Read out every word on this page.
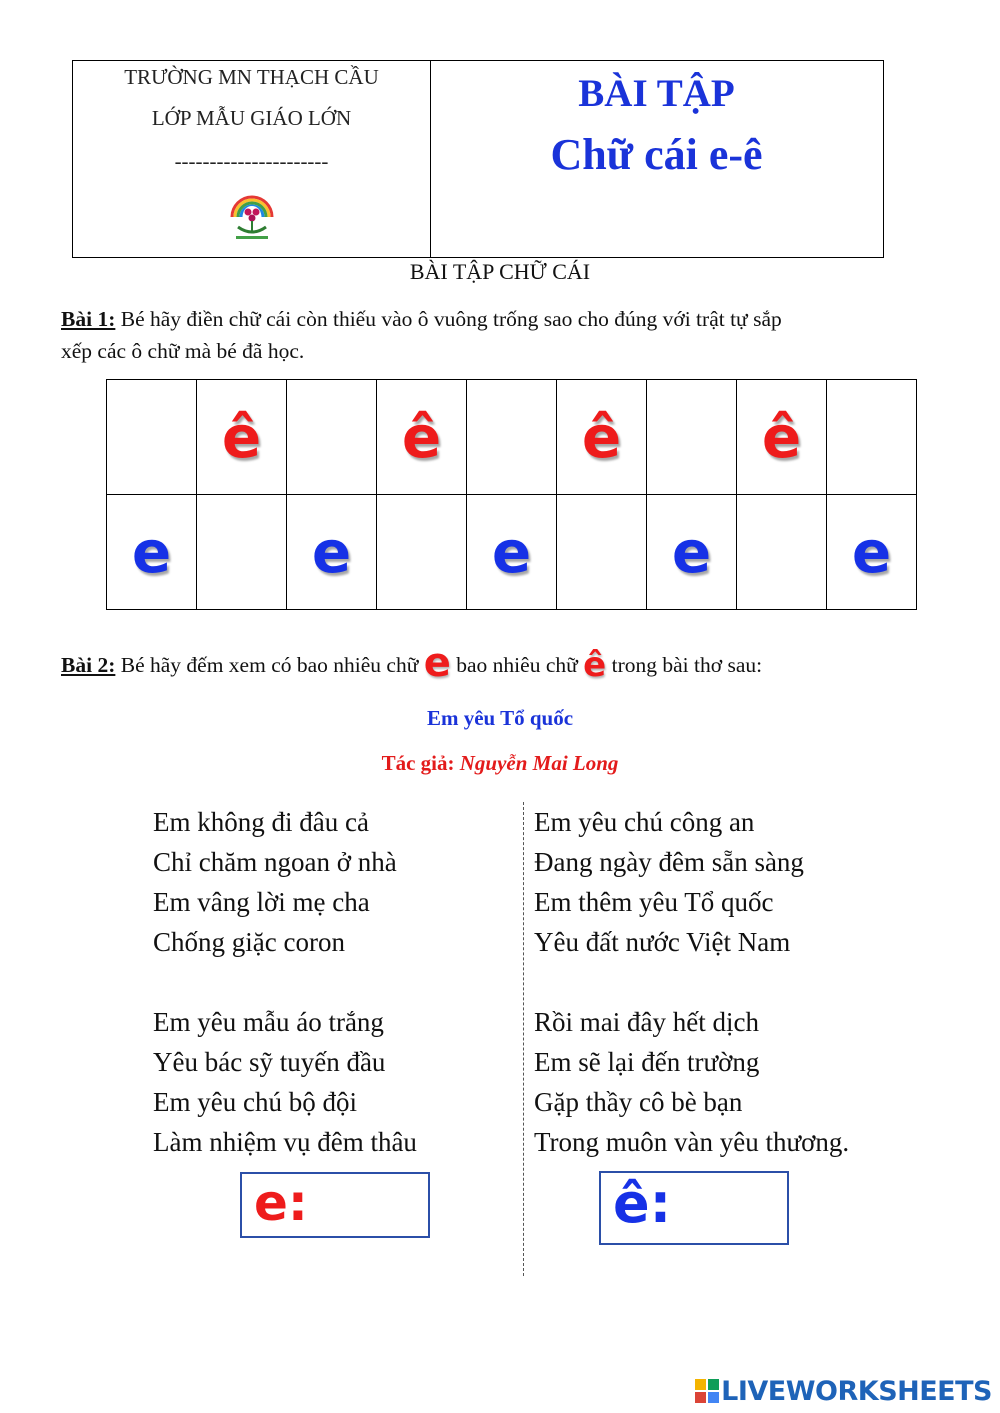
TRƯỜNG MN THẠCH CẦU
LỚP MẪU GIÁO LỚN
----------------------
BÀI TẬP
Chữ cái e-ê
BÀI TẬP CHỮ CÁI
Bài 1: Bé hãy điền chữ cái còn thiếu vào ô vuông trống sao cho đúng với trật tự sắp
xếp các ô chữ mà bé đã học.
	ê		ê		ê		ê	
e		e		e		e		e
Bài 2: Bé hãy đếm xem có bao nhiêu chữ e bao nhiêu chữ ê trong bài thơ sau:
Em yêu Tổ quốc
Tác giả: Nguyễn Mai Long
Em không đi đâu cả
Chỉ chăm ngoan ở nhà
Em vâng lời mẹ cha
Chống giặc coron
Em yêu mẫu áo trắng
Yêu bác sỹ tuyến đầu
Em yêu chú bộ đội
Làm nhiệm vụ đêm thâu
Em yêu chú công an
Đang ngày đêm sẵn sàng
Em thêm yêu Tổ quốc
Yêu đất nước Việt Nam
Rồi mai đây hết dịch
Em sẽ lại đến trường
Gặp thầy cô bè bạn
Trong muôn vàn yêu thương.
e:	ê:
LIVEWORKSHEETS
